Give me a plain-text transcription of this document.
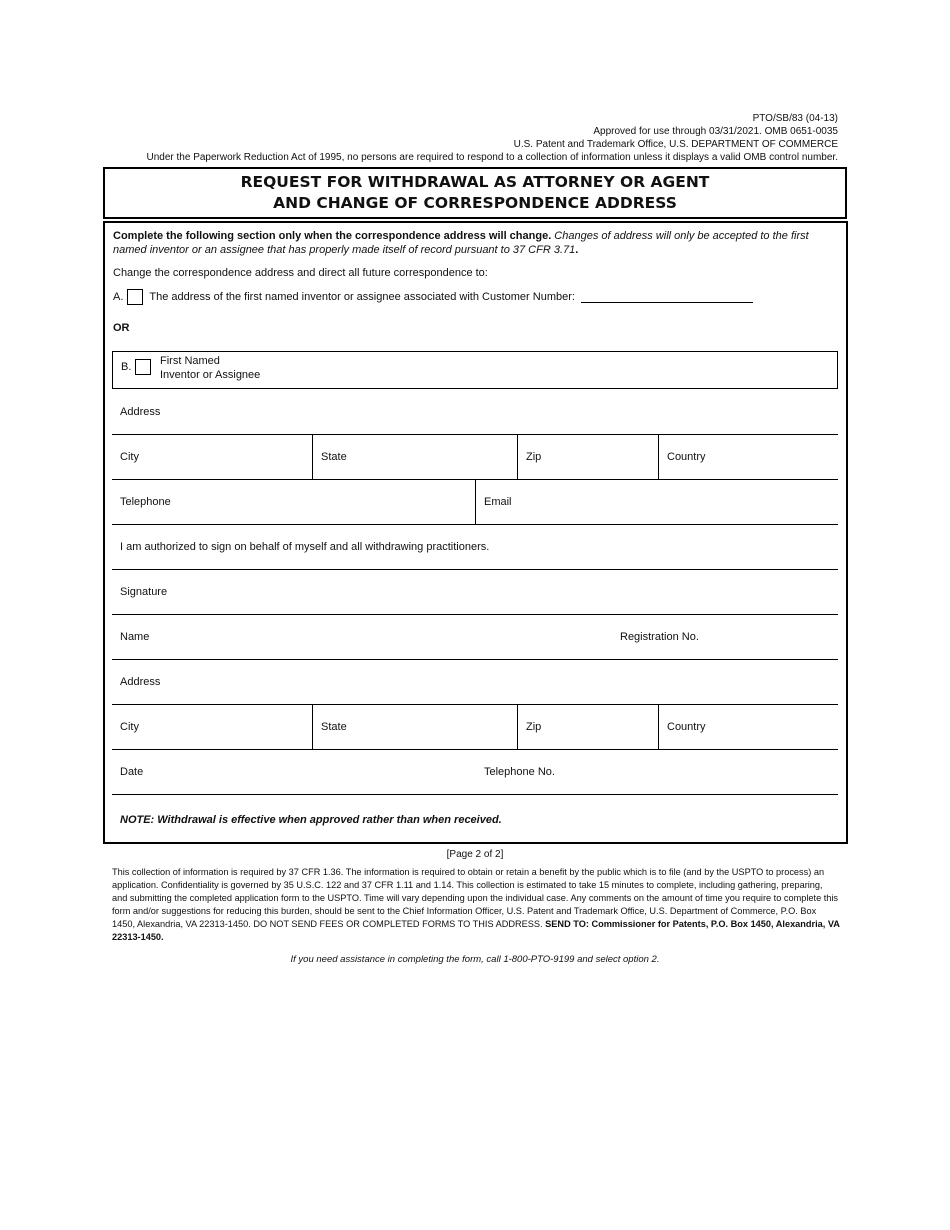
PTO/SB/83 (04-13)
Approved for use through 03/31/2021. OMB 0651-0035
U.S. Patent and Trademark Office, U.S. DEPARTMENT OF COMMERCE
Under the Paperwork Reduction Act of 1995, no persons are required to respond to a collection of information unless it displays a valid OMB control number.
REQUEST FOR WITHDRAWAL AS ATTORNEY OR AGENT
AND CHANGE OF CORRESPONDENCE ADDRESS
Complete the following section only when the correspondence address will change. Changes of address will only be accepted to the first named inventor or an assignee that has properly made itself of record pursuant to 37 CFR 3.71.
Change the correspondence address and direct all future correspondence to:
A. The address of the first named inventor or assignee associated with Customer Number:
OR
B.	First Named
Inventor or Assignee
Address
City	State	Zip	Country
Telephone	Email
I am authorized to sign on behalf of myself and all withdrawing practitioners.
Signature
Name	Registration No.
Address
City	State	Zip	Country
Date	Telephone No.
NOTE: Withdrawal is effective when approved rather than when received.
[Page 2 of 2]
This collection of information is required by 37 CFR 1.36. The information is required to obtain or retain a benefit by the public which is to file (and by the USPTO to process) an application. Confidentiality is governed by 35 U.S.C. 122 and 37 CFR 1.11 and 1.14. This collection is estimated to take 15 minutes to complete, including gathering, preparing, and submitting the completed application form to the USPTO. Time will vary depending upon the individual case. Any comments on the amount of time you require to complete this form and/or suggestions for reducing this burden, should be sent to the Chief Information Officer, U.S. Patent and Trademark Office, U.S. Department of Commerce, P.O. Box 1450, Alexandria, VA 22313-1450. DO NOT SEND FEES OR COMPLETED FORMS TO THIS ADDRESS. SEND TO: Commissioner for Patents, P.O. Box 1450, Alexandria, VA 22313-1450.
If you need assistance in completing the form, call 1-800-PTO-9199 and select option 2.
